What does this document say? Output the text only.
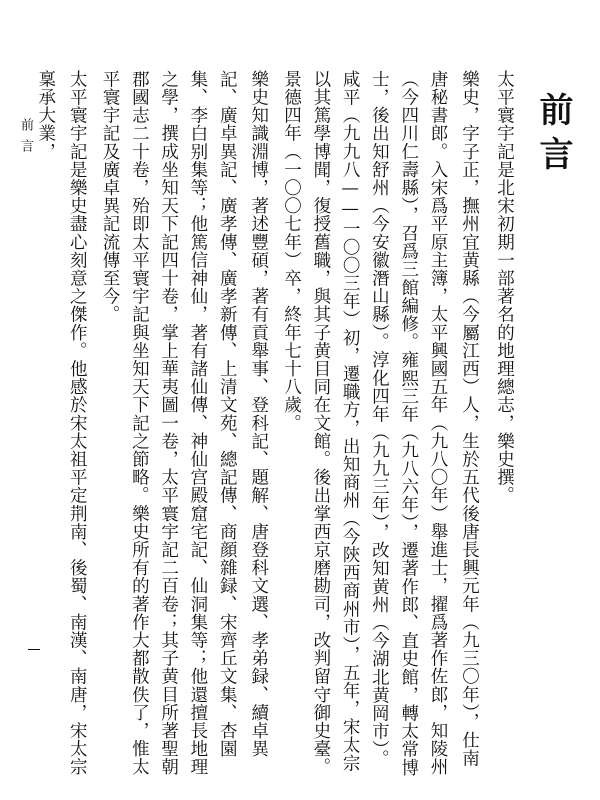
前言

太平寰宇記是北宋初期一部著名的地理總志，樂史撰。

樂史，字子正，撫州宜黄縣（今屬江西）人，生於五代後唐長興元年（九三〇年），仕南唐秘書郎。入宋爲平原主簿，太平興國五年（九八〇年）舉進士，擢爲著作佐郎，知陵州（今四川仁壽縣），召爲三館編修。雍熙三年（九八六年），遷著作郎、直史館，轉太常博士，後出知舒州（今安徽潛山縣）。淳化四年（九九三年），改知黄州（今湖北黄岡市）。咸平（九九八——一〇〇三年）初，遷職方，出知商州（今陝西商州市），五年，宋太宗以其篤學博聞，復授舊職，與其子黄目同在文館。後出掌西京磨勘司，改判留守御史臺。景德四年（一〇〇七年）卒，終年七十八歲。

樂史知識淵博，著述豐碩，著有貢舉事、登科記、題解、唐登科文選、孝弟録、續卓異記、廣卓異記、廣孝傳、廣孝新傳、上清文苑、總記傳、商顔雜録、宋齊丘文集、杏園集、李白别集等；他篤信神仙，著有諸仙傳、神仙宫殿窟宅記、仙洞集等；他還擅長地理之學，撰成坐知天下記四十卷，掌上華夷圖一卷，太平寰宇記二百卷；其子黄目所著聖朝郡國志二十卷，殆即太平寰宇記與坐知天下記之節略。樂史所有的著作大都散佚了，惟太平寰宇記及廣卓異記流傳至今。

太平寰宇記是樂史盡心刻意之傑作。他感於宋太祖平定荆南、後蜀、南漢、南唐，宋太宗稟承大業，

前言
